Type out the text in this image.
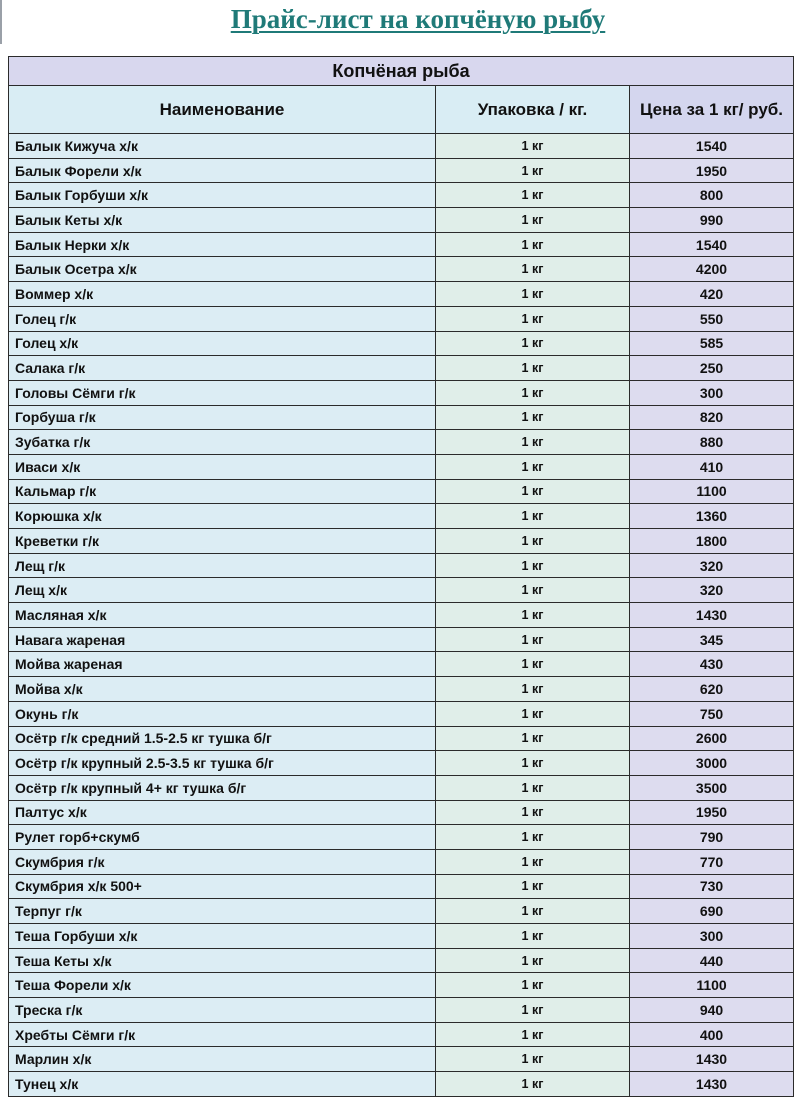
Прайс-лист на копчёную рыбу
Копчёная рыба		
Наименование	Упаковка / кг.	Цена за 1 кг/ руб.
Балык Кижуча х/к	1 кг	1540
Балык Форели х/к	1 кг	1950
Балык Горбуши х/к	1 кг	800
Балык Кеты х/к	1 кг	990
Балык Нерки х/к	1 кг	1540
Балык Осетра х/к	1 кг	4200
Воммер х/к	1 кг	420
Голец г/к	1 кг	550
Голец х/к	1 кг	585
Салака г/к	1 кг	250
Головы Сёмги г/к	1 кг	300
Горбуша г/к	1 кг	820
Зубатка г/к	1 кг	880
Иваси х/к	1 кг	410
Кальмар г/к	1 кг	1100
Корюшка х/к	1 кг	1360
Креветки г/к	1 кг	1800
Лещ г/к	1 кг	320
Лещ х/к	1 кг	320
Масляная х/к	1 кг	1430
Навага жареная	1 кг	345
Мойва жареная	1 кг	430
Мойва х/к	1 кг	620
Окунь г/к	1 кг	750
Осётр г/к средний 1.5-2.5 кг тушка б/г	1 кг	2600
Осётр г/к крупный 2.5-3.5 кг тушка б/г	1 кг	3000
Осётр г/к крупный 4+ кг тушка б/г	1 кг	3500
Палтус х/к	1 кг	1950
Рулет горб+скумб	1 кг	790
Скумбрия г/к	1 кг	770
Скумбрия х/к 500+	1 кг	730
Терпуг г/к	1 кг	690
Теша Горбуши х/к	1 кг	300
Теша Кеты х/к	1 кг	440
Теша Форели х/к	1 кг	1100
Треска г/к	1 кг	940
Хребты Сёмги г/к	1 кг	400
Марлин х/к	1 кг	1430
Тунец х/к	1 кг	1430
